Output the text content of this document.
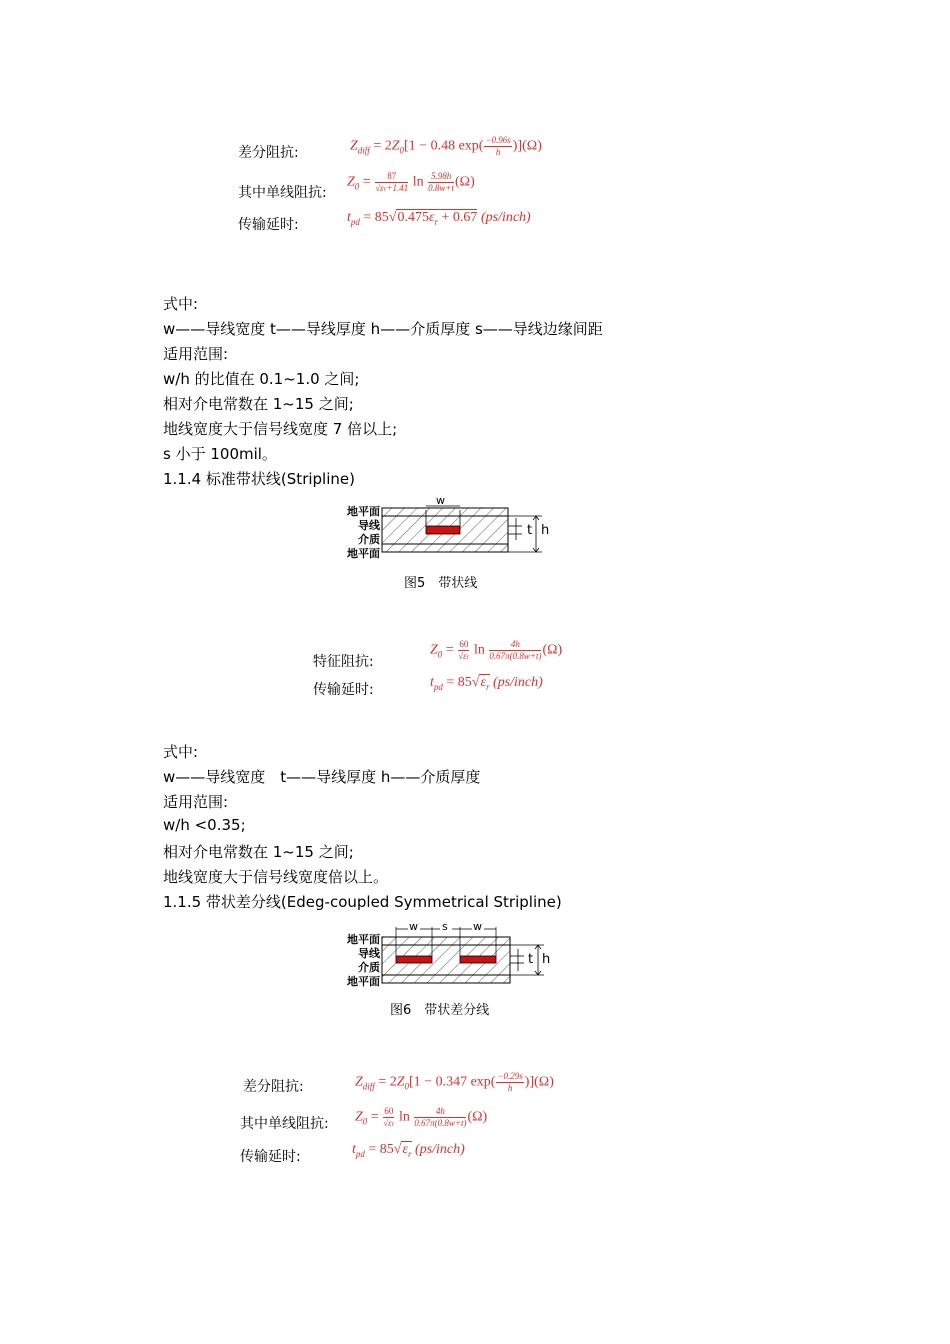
差分阻抗:	$Z_{diff} = 2Z_0[1 - 0.48$ $\exp( \frac{-0.96s}{h} )](\Omega)$
其中单线阻抗:
$Z_0 = \frac{87}{√\varepsilon r+1.41}$ $\ln \frac{5.98h}{0.8w+t} (\Omega)$
传输延时:	$t_{pd} = 85√0.475\varepsilon_r + 0.67$ (ps/inch)
式中:
w——导线宽度 t——导线厚度 h——介质厚度 s——导线边缘间距
适用范围:
w/h 的比值在 0.1~1.0 之间;
相对介电常数在 1~15 之间;
地线宽度大于信号线宽度 7 倍以上;
s 小于 100mil。
1.1.4 标准带状线(Stripline)
地平面
导线
介质
地平面
w
t h
图5　带状线
特征阻抗:
$Z_0 = \frac{60}{√\varepsilon r}$ $\ln \frac{4h}{0.67\pi(0.8w+t)} (\Omega)$
传输延时:	$t_{pd} = 85√\varepsilon_r$ (ps/inch)
式中:
w——导线宽度　t——导线厚度 h——介质厚度
适用范围:
w/h <0.35;
相对介电常数在 1~15 之间;
地线宽度大于信号线宽度倍以上。
1.1.5 带状差分线(Edeg-coupled Symmetrical Stripline)
地平面
导线
介质
地平面
w s w
t h
图6　带状差分线
差分阻抗:	$Z_{diff} = 2Z_0[1 - 0.347$ $\exp( \frac{-0.29s}{h} )](\Omega)$
其中单线阻抗: $Z_0 = \frac{60}{√\varepsilon r}$ $\ln \frac{4h}{0.67\pi(0.8w+t)} (\Omega)$
传输延时:	$t_{pd} = 85√\varepsilon_r$ (ps/inch)
